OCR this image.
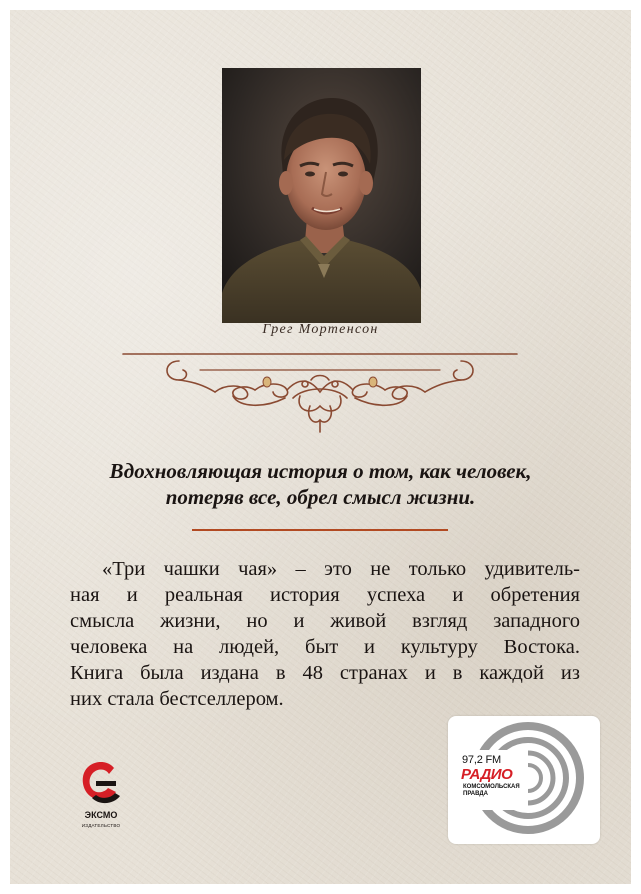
Грег Мортенсон
Вдохновляющая история о том, как человек,
потеряв все, обрел смысл жизни.
«Три чашки чая» – это не только удивитель-
ная и реальная история успеха и обретения
смысла жизни, но и живой взгляд западного
человека на людей, быт и культуру Востока.
Книга была издана в 48 странах и в каждой из
них стала бестселлером.
ЭКСМО
ИЗДАТЕЛЬСТВО
97,2 FM
РАДИО
КОМСОМОЛЬСКАЯ
ПРАВДА
